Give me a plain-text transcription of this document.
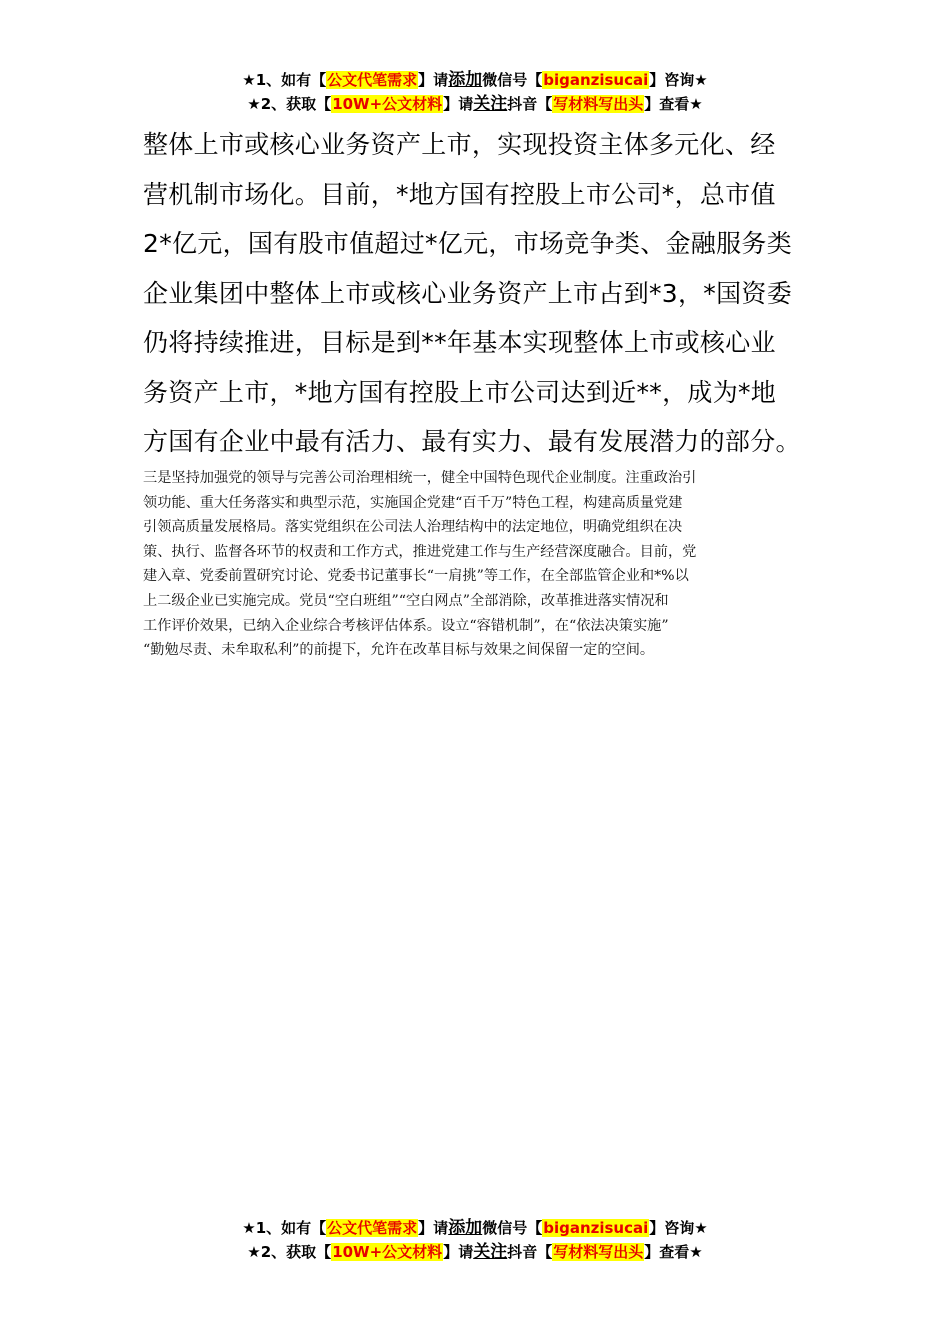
★1、如有【公文代笔需求】请添加微信号【biganzisucai】咨询★
★2、获取【10W+公文材料】请关注抖音【写材料写出头】查看★
整体上市或核心业务资产上市，实现投资主体多元化、经
营机制市场化。目前，*地方国有控股上市公司*，总市值
2*亿元，国有股市值超过*亿元，市场竞争类、金融服务类
企业集团中整体上市或核心业务资产上市占到*3，*国资委
仍将持续推进，目标是到**年基本实现整体上市或核心业
务资产上市，*地方国有控股上市公司达到近**，成为*地
方国有企业中最有活力、最有实力、最有发展潜力的部分。
三是坚持加强党的领导与完善公司治理相统一，健全中国特色现代企业制度。注重政治引
领功能、重大任务落实和典型示范，实施国企党建“百千万”特色工程，构建高质量党建
引领高质量发展格局。落实党组织在公司法人治理结构中的法定地位，明确党组织在决
策、执行、监督各环节的权责和工作方式，推进党建工作与生产经营深度融合。目前，党
建入章、党委前置研究讨论、党委书记董事长“一肩挑”等工作，在全部监管企业和*%以
上二级企业已实施完成。党员“空白班组”“空白网点”全部消除，改革推进落实情况和
工作评价效果，已纳入企业综合考核评估体系。设立“容错机制”，在“依法决策实施”
“勤勉尽责、未牟取私利”的前提下，允许在改革目标与效果之间保留一定的空间。
★1、如有【公文代笔需求】请添加微信号【biganzisucai】咨询★
★2、获取【10W+公文材料】请关注抖音【写材料写出头】查看★
